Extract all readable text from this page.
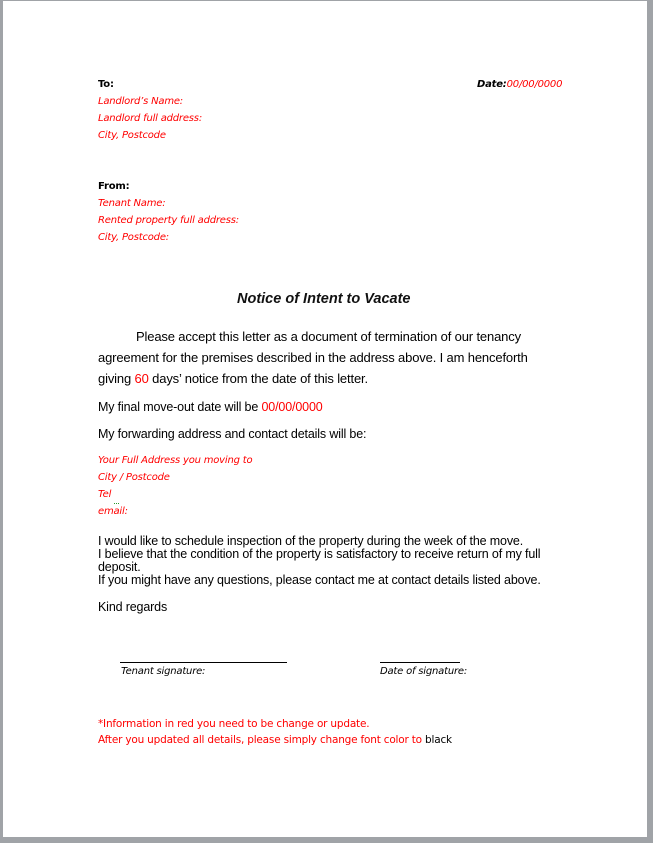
To:
Landlord’s Name:
Landlord full address:
City, Postcode
Date:00/00/0000
From:
Tenant Name:
Rented property full address:
City, Postcode:
Notice of Intent to Vacate
Please accept this letter as a document of termination of our tenancy
agreement for the premises described in the address above. I am henceforth
giving 60 days’ notice from the date of this letter.
My final move-out date will be 00/00/0000
My forwarding address and contact details will be:
Your Full Address you moving to
City / Postcode
Tel
email:
I would like to schedule inspection of the property during the week of the move.
I believe that the condition of the property is satisfactory to receive return of my full
deposit.
If you might have any questions, please contact me at contact details listed above.
Kind regards
Tenant signature:	Date of signature:
*Information in red you need to be change or update.
After you updated all details, please simply change font color to black
